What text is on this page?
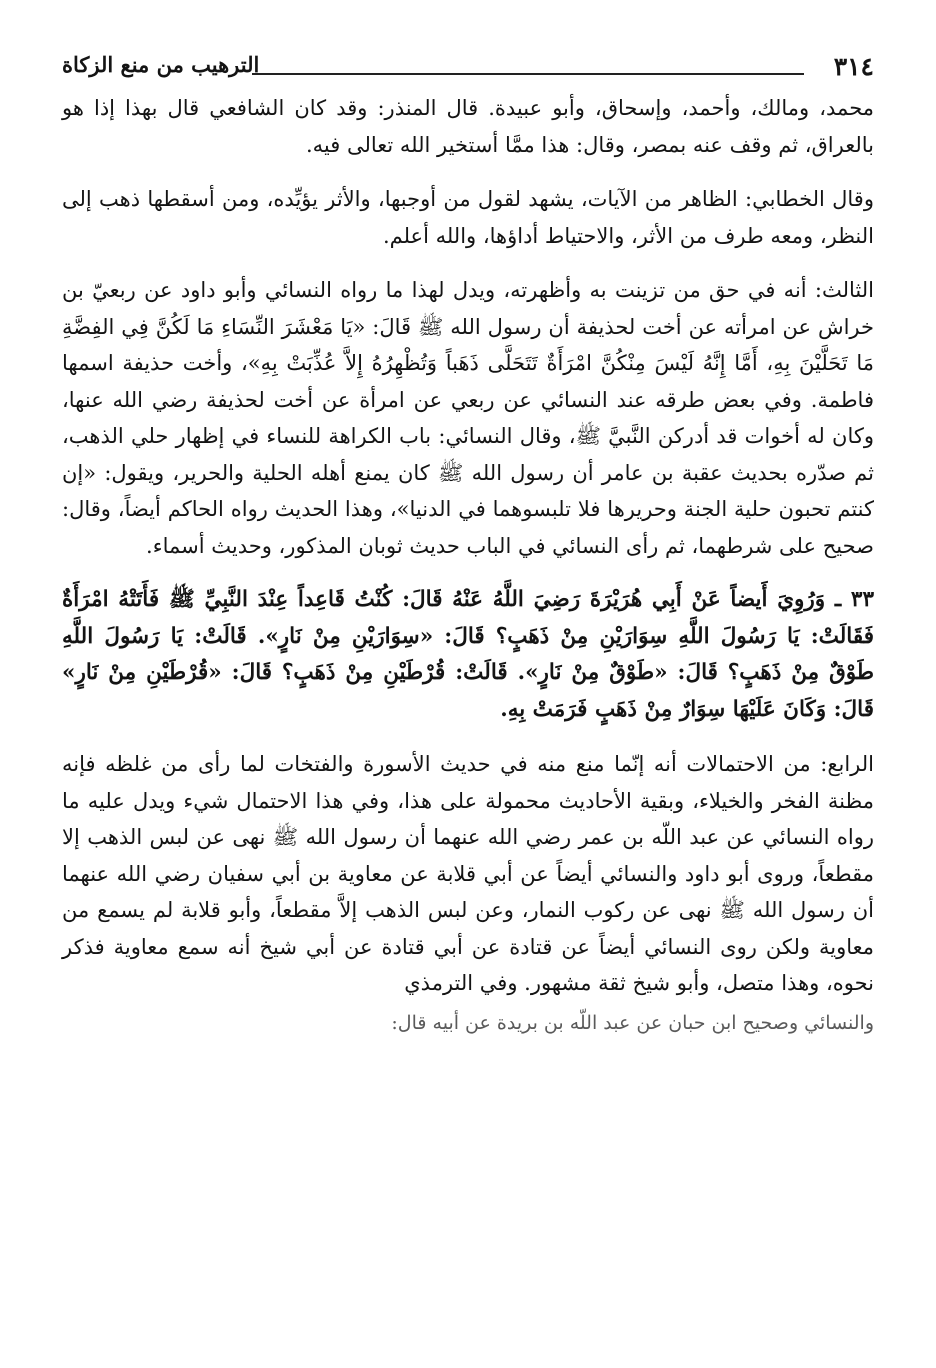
٣١٤
الترهيب من منع الزكاة

محمد، ومالك، وأحمد، وإسحاق، وأبو عبيدة. قال المنذر: وقد كان الشافعي قال بهذا إذا هو بالعراق، ثم وقف عنه بمصر، وقال: هذا ممَّا أستخير الله تعالى فيه.

وقال الخطابي: الظاهر من الآيات، يشهد لقول من أوجبها، والأثر يؤيِّده، ومن أسقطها ذهب إلى النظر، ومعه طرف من الأثر، والاحتياط أداؤها، والله أعلم.

الثالث: أنه في حق من تزينت به وأظهرته، ويدل لهذا ما رواه النسائي وأبو داود عن ربعيّ بن خراش عن امرأته عن أخت لحذيفة أن رسول الله ﷺ قَالَ: «يَا مَعْشَرَ النِّسَاءِ مَا لَكُنَّ فِي الفِضَّةِ مَا تَحَلَّيْنَ بِهِ، أَمَّا إِنَّهُ لَيْسَ مِنْكُنَّ امْرَأَةٌ تَتَحَلَّى ذَهَباً وَتُظْهِرُهُ إِلاَّ عُذِّبَتْ بِهِ»، وأخت حذيفة اسمها فاطمة. وفي بعض طرقه عند النسائي عن ربعي عن امرأة عن أخت لحذيفة رضي الله عنها، وكان له أخوات قد أدركن النَّبيَّ ﷺ، وقال النسائي: باب الكراهة للنساء في إظهار حلي الذهب، ثم صدّره بحديث عقبة بن عامر أن رسول الله ﷺ كان يمنع أهله الحلية والحرير، ويقول: «إن كنتم تحبون حلية الجنة وحريرها فلا تلبسوهما في الدنيا»، وهذا الحديث رواه الحاكم أيضاً، وقال: صحيح على شرطهما، ثم رأى النسائي في الباب حديث ثوبان المذكور، وحديث أسماء.

٣٣ ـ وَرُوِيَ أَيضاً عَنْ أَبِي هُرَيْرَةَ رَضِيَ اللَّهُ عَنْهُ قَالَ: كُنْتُ قَاعِداً عِنْدَ النَّبِيِّ ﷺ فَأَتَتْهُ امْرَأَةٌ فَقَالَتْ: يَا رَسُولَ اللَّهِ سِوَارَيْنِ مِنْ ذَهَبٍ؟ قَالَ: «سِوَارَيْنِ مِنْ نَارٍ». قَالَتْ: يَا رَسُولَ اللَّهِ طَوْقٌ مِنْ ذَهَبٍ؟ قَالَ: «طَوْقٌ مِنْ نَارٍ». قَالَتْ: قُرْطَيْنِ مِنْ ذَهَبٍ؟ قَالَ: «قُرْطَيْنِ مِنْ نَارٍ» قَالَ: وَكَانَ عَلَيْهَا سِوَارٌ مِنْ ذَهَبٍ فَرَمَتْ بِهِ.

الرابع: من الاحتمالات أنه إنّما منع منه في حديث الأسورة والفتخات لما رأى من غلظه فإنه مظنة الفخر والخيلاء، وبقية الأحاديث محمولة على هذا، وفي هذا الاحتمال شيء ويدل عليه ما رواه النسائي عن عبد اللّه بن عمر رضي الله عنهما أن رسول الله ﷺ نهى عن لبس الذهب إلا مقطعاً، وروى أبو داود والنسائي أيضاً عن أبي قلابة عن معاوية بن أبي سفيان رضي الله عنهما أن رسول الله ﷺ نهى عن ركوب النمار، وعن لبس الذهب إلاَّ مقطعاً، وأبو قلابة لم يسمع من معاوية ولكن روى النسائي أيضاً عن قتادة عن أبي قتادة عن أبي شيخ أنه سمع معاوية فذكر نحوه، وهذا متصل، وأبو شيخ ثقة مشهور. وفي الترمذي

والنسائي وصحيح ابن حبان عن عبد اللّه بن بريدة عن أبيه قال:
